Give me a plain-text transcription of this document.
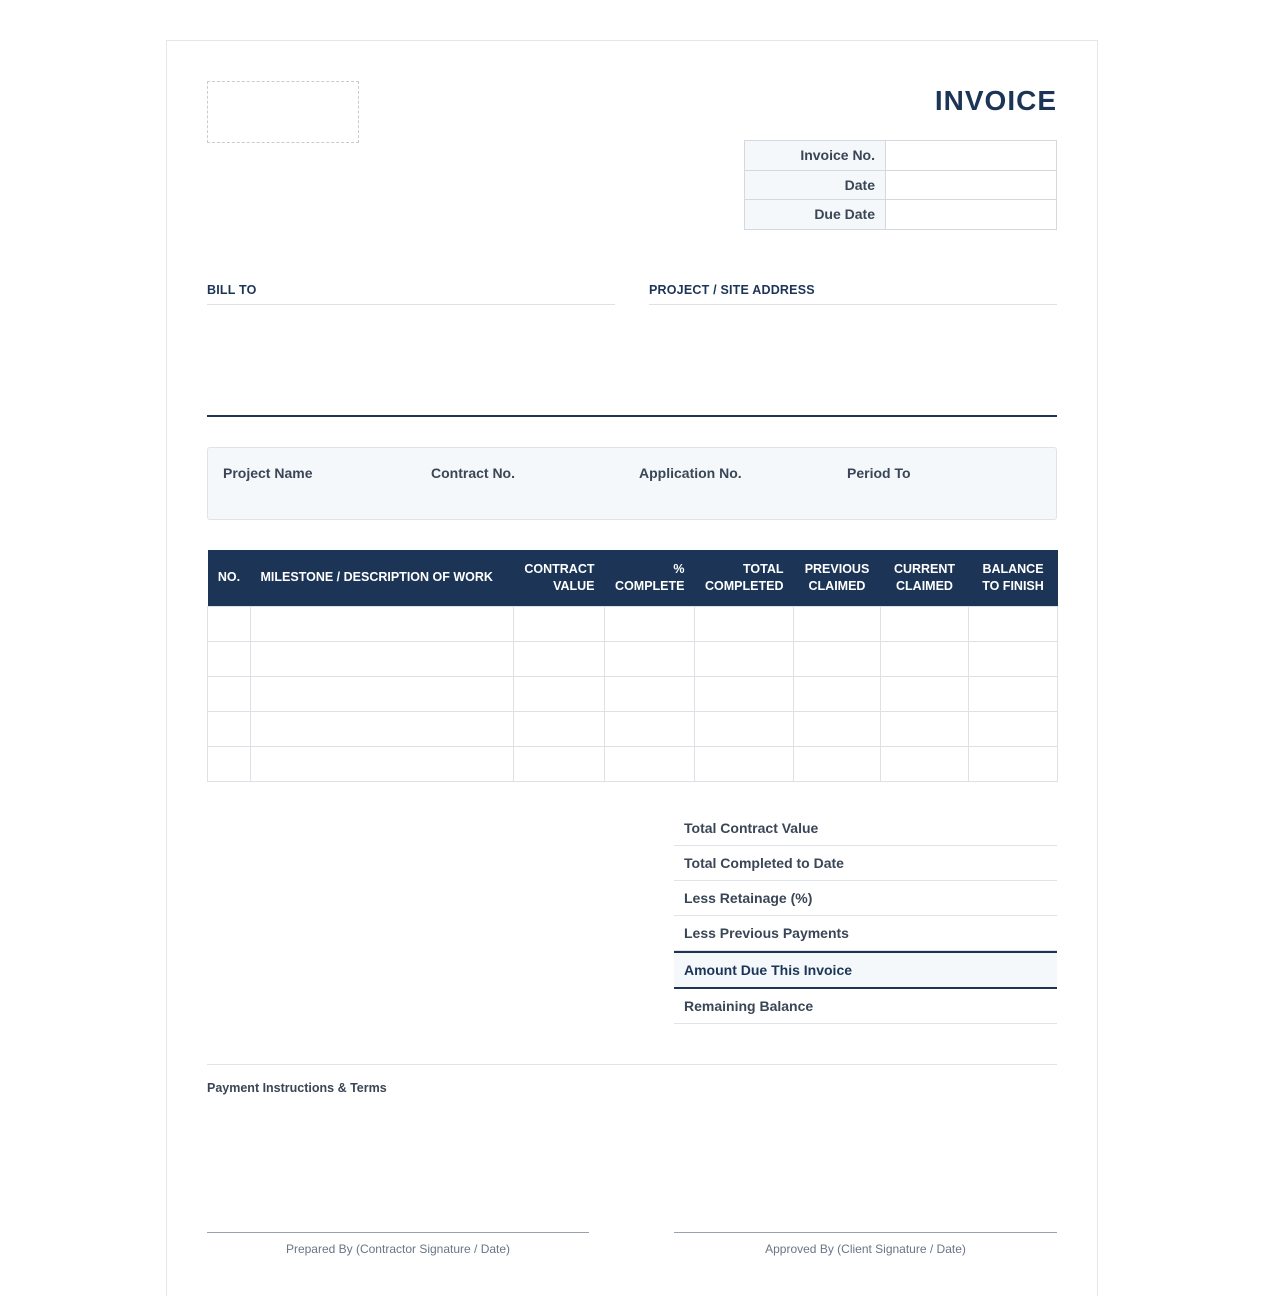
INVOICE
Invoice No.	
Date	
Due Date	
BILL TO	PROJECT / SITE ADDRESS
Project Name	Contract No.	Application No.	Period To
NO.	MILESTONE / DESCRIPTION OF WORK	CONTRACT VALUE	% COMPLETE	TOTAL COMPLETED	PREVIOUS CLAIMED	CURRENT CLAIMED	BALANCE TO FINISH

Total Contract Value
Total Completed to Date
Less Retainage (%)
Less Previous Payments
Amount Due This Invoice
Remaining Balance
Payment Instructions & Terms
Prepared By (Contractor Signature / Date)	Approved By (Client Signature / Date)
